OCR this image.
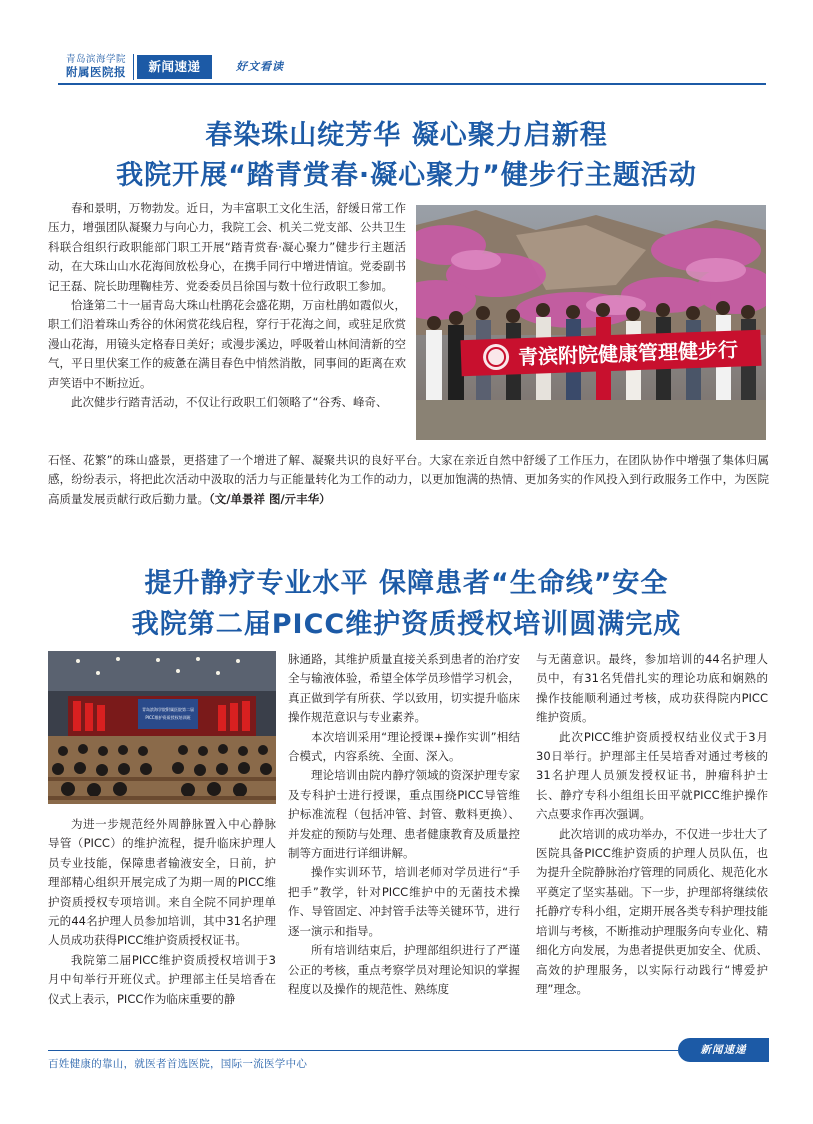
青岛滨海学院
附属医院报	新闻速递	好文看读
春染珠山绽芳华 凝心聚力启新程
我院开展“踏青赏春·凝心聚力”健步行主题活动

春和景明，万物勃发。近日，为丰富职工文化生活，舒缓日常工作压力，增强团队凝聚力与向心力，我院工会、机关二党支部、公共卫生科联合组织行政职能部门职工开展“踏青赏春·凝心聚力”健步行主题活动，在大珠山山水花海间放松身心，在携手同行中增进情谊。党委副书记王磊、院长助理鞠桂芳、党委委员吕徐国与数十位行政职工参加。

恰逢第二十一届青岛大珠山杜鹃花会盛花期，万亩杜鹃如霞似火，职工们沿着珠山秀谷的休闲赏花线启程，穿行于花海之间，或驻足欣赏漫山花海，用镜头定格春日美好；或漫步溪边，呼吸着山林间清新的空气，平日里伏案工作的疲惫在满目春色中悄然消散，同事间的距离在欢声笑语中不断拉近。

此次健步行踏青活动，不仅让行政职工们领略了“谷秀、峰奇、

青滨附院健康管理健步行

石怪、花繁”的珠山盛景，更搭建了一个增进了解、凝聚共识的良好平台。大家在亲近自然中舒缓了工作压力，在团队协作中增强了集体归属感，纷纷表示，将把此次活动中汲取的活力与正能量转化为工作的动力，以更加饱满的热情、更加务实的作风投入到行政服务工作中，为医院高质量发展贡献行政后勤力量。（文/单景祥 图/亓丰华）

提升静疗专业水平 保障患者“生命线”安全
我院第二届PICC维护资质授权培训圆满完成
青岛滨海学院附属医院第二届
PICC维护资质授权培训班

为进一步规范经外周静脉置入中心静脉导管（PICC）的维护流程，提升临床护理人员专业技能，保障患者输液安全，日前，护理部精心组织开展完成了为期一周的PICC维护资质授权专项培训。来自全院不同护理单元的44名护理人员参加培训，其中31名护理人员成功获得PICC维护资质授权证书。

我院第二届PICC维护资质授权培训于3月中旬举行开班仪式。护理部主任吴培香在仪式上表示，PICC作为临床重要的静

脉通路，其维护质量直接关系到患者的治疗安全与输液体验，希望全体学员珍惜学习机会，真正做到学有所获、学以致用，切实提升临床操作规范意识与专业素养。

本次培训采用“理论授课+操作实训”相结合模式，内容系统、全面、深入。

理论培训由院内静疗领域的资深护理专家及专科护士进行授课，重点围绕PICC导管维护标准流程（包括冲管、封管、敷料更换）、并发症的预防与处理、患者健康教育及质量控制等方面进行详细讲解。

操作实训环节，培训老师对学员进行“手把手”教学，针对PICC维护中的无菌技术操作、导管固定、冲封管手法等关键环节，进行逐一演示和指导。

所有培训结束后，护理部组织进行了严谨公正的考核，重点考察学员对理论知识的掌握程度以及操作的规范性、熟练度

与无菌意识。最终，参加培训的44名护理人员中，有31名凭借扎实的理论功底和娴熟的操作技能顺利通过考核，成功获得院内PICC维护资质。

此次PICC维护资质授权结业仪式于3月30日举行。护理部主任吴培香对通过考核的31名护理人员颁发授权证书，肿瘤科护士长、静疗专科小组组长田平就PICC维护操作六点要求作再次强调。

此次培训的成功举办，不仅进一步壮大了医院具备PICC维护资质的护理人员队伍，也为提升全院静脉治疗管理的同质化、规范化水平奠定了坚实基础。下一步，护理部将继续依托静疗专科小组，定期开展各类专科护理技能培训与考核，不断推动护理服务向专业化、精细化方向发展，为患者提供更加安全、优质、高效的护理服务，以实际行动践行“博爱护理”理念。

新闻速递
百姓健康的靠山，就医者首选医院，国际一流医学中心
